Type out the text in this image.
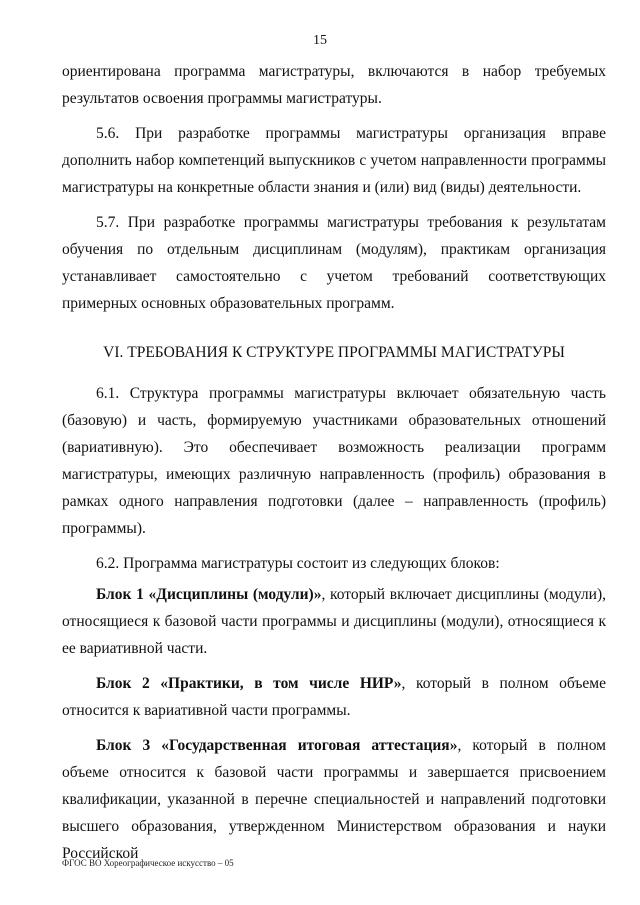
15

ориентирована программа магистратуры, включаются в набор требуемых результатов освоения программы магистратуры.

5.6. При разработке программы магистратуры организация вправе дополнить набор компетенций выпускников с учетом направленности программы магистратуры на конкретные области знания и (или) вид (виды) деятельности.

5.7. При разработке программы магистратуры требования к результатам обучения по отдельным дисциплинам (модулям), практикам организация устанавливает самостоятельно с учетом требований соответствующих примерных основных образовательных программ.

VI. ТРЕБОВАНИЯ К СТРУКТУРЕ ПРОГРАММЫ МАГИСТРАТУРЫ

6.1. Структура программы магистратуры включает обязательную часть (базовую) и часть, формируемую участниками образовательных отношений (вариативную). Это обеспечивает возможность реализации программ магистратуры, имеющих различную направленность (профиль) образования в рамках одного направления подготовки (далее – направленность (профиль) программы).

6.2. Программа магистратуры состоит из следующих блоков:

Блок 1 «Дисциплины (модули)», который включает дисциплины (модули), относящиеся к базовой части программы и дисциплины (модули), относящиеся к ее вариативной части.

Блок 2 «Практики, в том числе НИР», который в полном объеме относится к вариативной части программы.

Блок 3 «Государственная итоговая аттестация», который в полном объеме относится к базовой части программы и завершается присвоением квалификации, указанной в перечне специальностей и направлений подготовки высшего образования, утвержденном Министерством образования и науки Российской

ФГОС ВО Хореографическое искусство – 05
